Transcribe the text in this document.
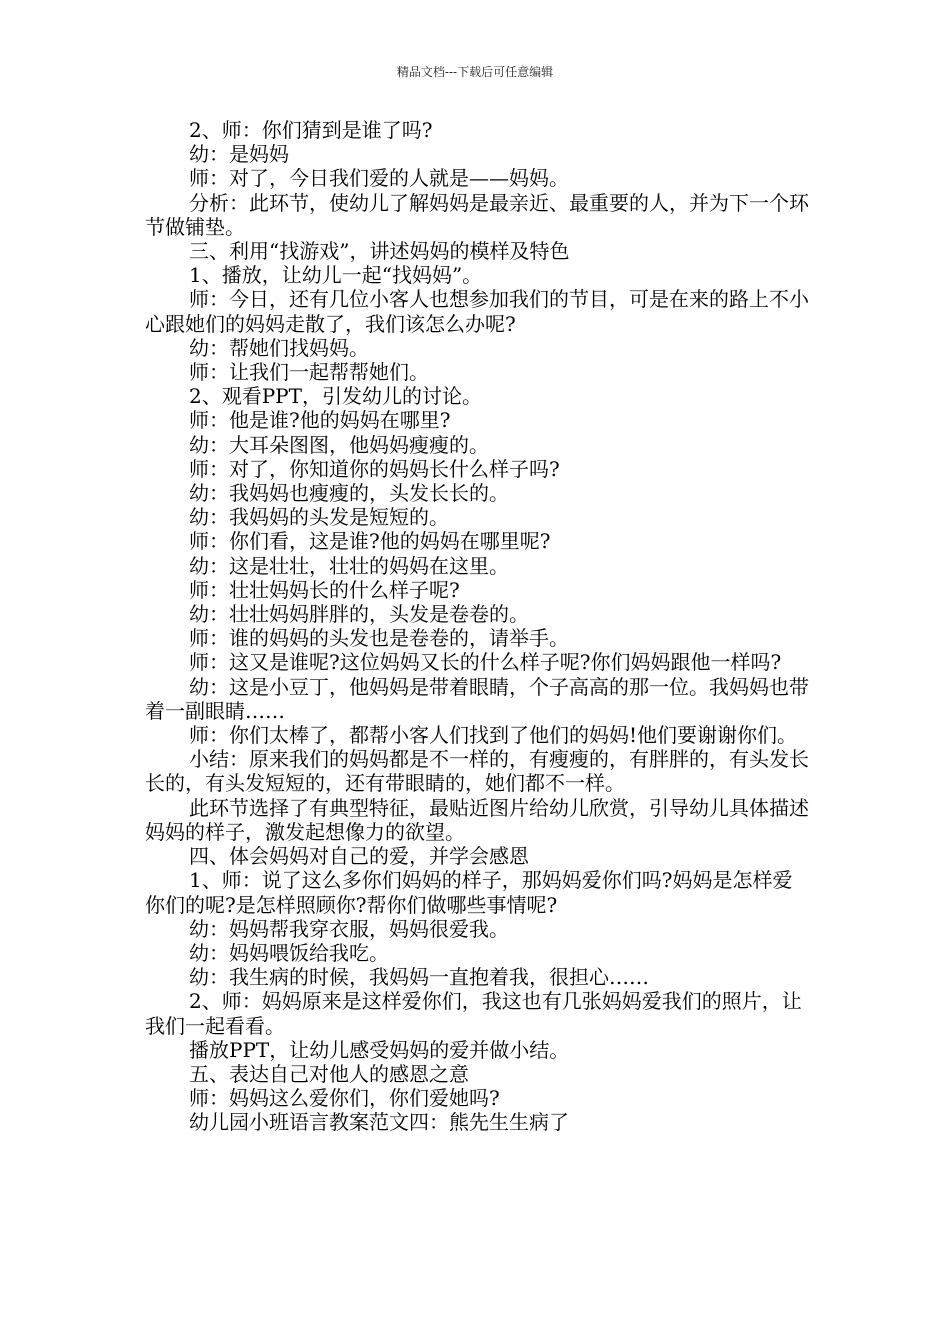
精品文档---下载后可任意编辑

2、师：你们猜到是谁了吗?

幼：是妈妈

师：对了，今日我们爱的人就是——妈妈。

分析：此环节，使幼儿了解妈妈是最亲近、最重要的人，并为下一个环节做铺垫。

三、利用“找游戏”，讲述妈妈的模样及特色

1、播放，让幼儿一起“找妈妈”。

师：今日，还有几位小客人也想参加我们的节目，可是在来的路上不小心跟她们的妈妈走散了，我们该怎么办呢?

幼：帮她们找妈妈。

师：让我们一起帮帮她们。

2、观看PPT，引发幼儿的讨论。

师：他是谁?他的妈妈在哪里?

幼：大耳朵图图，他妈妈瘦瘦的。

师：对了，你知道你的妈妈长什么样子吗?

幼：我妈妈也瘦瘦的，头发长长的。

幼：我妈妈的头发是短短的。

师：你们看，这是谁?他的妈妈在哪里呢?

幼：这是壮壮，壮壮的妈妈在这里。

师：壮壮妈妈长的什么样子呢?

幼：壮壮妈妈胖胖的，头发是卷卷的。

师：谁的妈妈的头发也是卷卷的，请举手。

师：这又是谁呢?这位妈妈又长的什么样子呢?你们妈妈跟他一样吗?

幼：这是小豆丁，他妈妈是带着眼睛，个子高高的那一位。我妈妈也带着一副眼睛……

师：你们太棒了，都帮小客人们找到了他们的妈妈!他们要谢谢你们。

小结：原来我们的妈妈都是不一样的，有瘦瘦的，有胖胖的，有头发长长的，有头发短短的，还有带眼睛的，她们都不一样。

此环节选择了有典型特征，最贴近图片给幼儿欣赏，引导幼儿具体描述妈妈的样子，激发起想像力的欲望。

四、体会妈妈对自己的爱，并学会感恩

1、师：说了这么多你们妈妈的样子，那妈妈爱你们吗?妈妈是怎样爱你们的呢?是怎样照顾你?帮你们做哪些事情呢?

幼：妈妈帮我穿衣服，妈妈很爱我。

幼：妈妈喂饭给我吃。

幼：我生病的时候，我妈妈一直抱着我，很担心……

2、师：妈妈原来是这样爱你们，我这也有几张妈妈爱我们的照片，让我们一起看看。

播放PPT，让幼儿感受妈妈的爱并做小结。

五、表达自己对他人的感恩之意

师：妈妈这么爱你们，你们爱她吗?

幼儿园小班语言教案范文四：熊先生生病了
